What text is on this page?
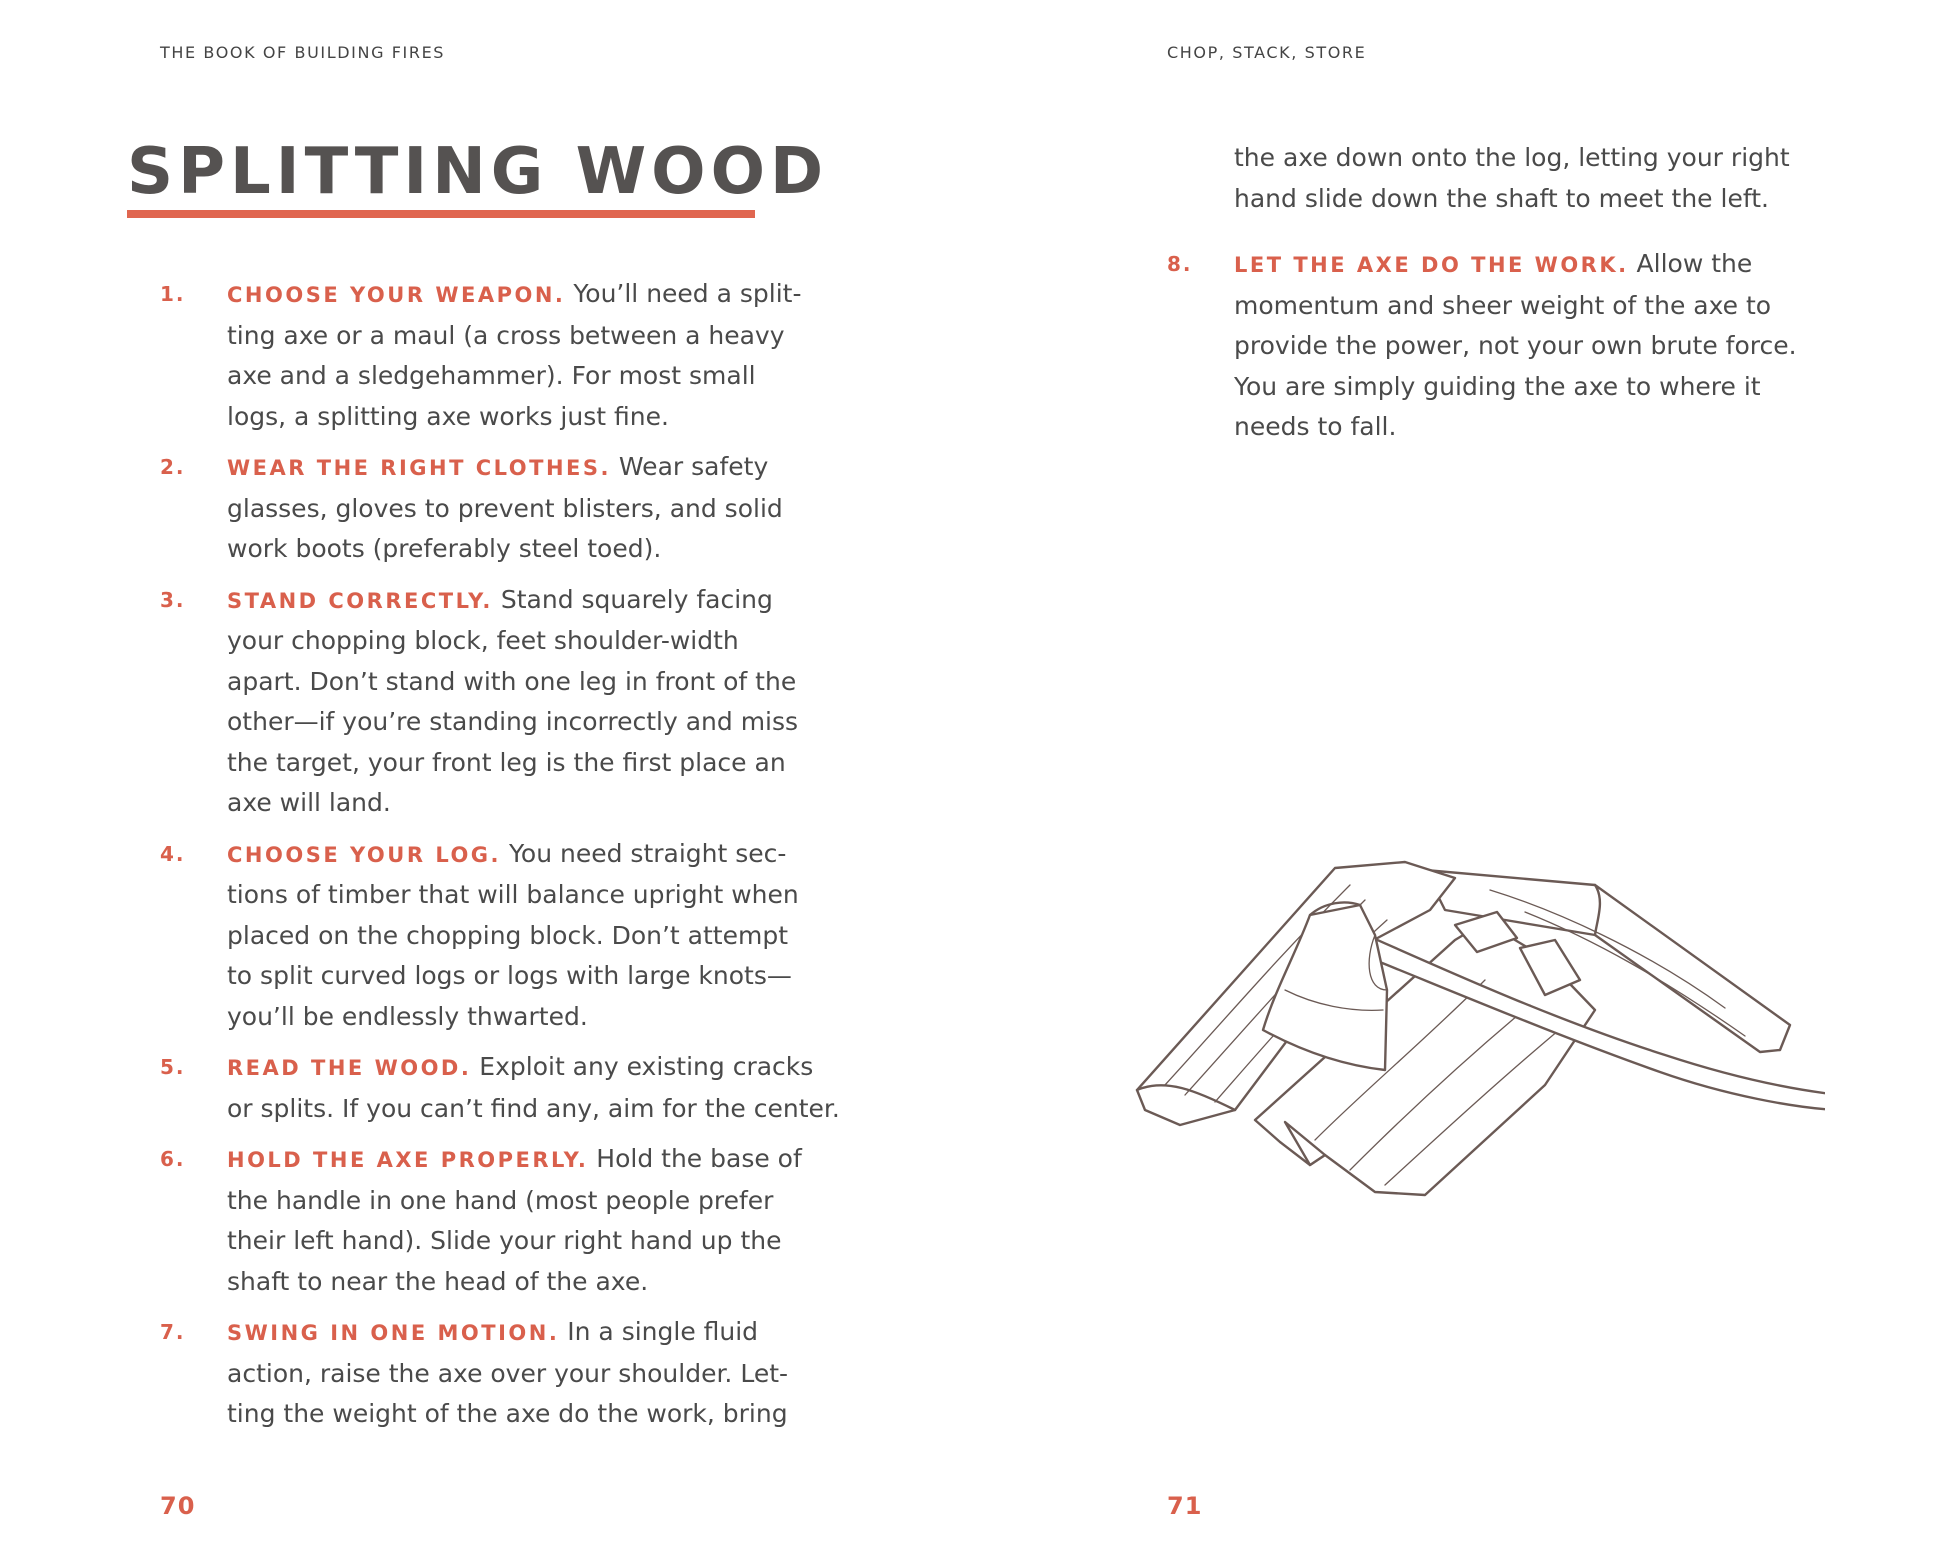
THE BOOK OF BUILDING FIRES
SPLITTING WOOD
1. CHOOSE YOUR WEAPON. You’ll need a split-
ting axe or a maul (a cross between a heavy
axe and a sledgehammer). For most small
logs, a splitting axe works just fine.
2. WEAR THE RIGHT CLOTHES. Wear safety
glasses, gloves to prevent blisters, and solid
work boots (preferably steel toed).
3. STAND CORRECTLY. Stand squarely facing
your chopping block, feet shoulder-width
apart. Don’t stand with one leg in front of the
other—if you’re standing incorrectly and miss
the target, your front leg is the first place an
axe will land.
4. CHOOSE YOUR LOG. You need straight sec-
tions of timber that will balance upright when
placed on the chopping block. Don’t attempt
to split curved logs or logs with large knots—
you’ll be endlessly thwarted.
5. READ THE WOOD. Exploit any existing cracks
or splits. If you can’t find any, aim for the center.
6. HOLD THE AXE PROPERLY. Hold the base of
the handle in one hand (most people prefer
their left hand). Slide your right hand up the
shaft to near the head of the axe.
7. SWING IN ONE MOTION. In a single fluid
action, raise the axe over your shoulder. Let-
ting the weight of the axe do the work, bring
70
CHOP, STACK, STORE

the axe down onto the log, letting your right
hand slide down the shaft to meet the left.

8. LET THE AXE DO THE WORK. Allow the
momentum and sheer weight of the axe to
provide the power, not your own brute force.
You are simply guiding the axe to where it
needs to fall.
71
